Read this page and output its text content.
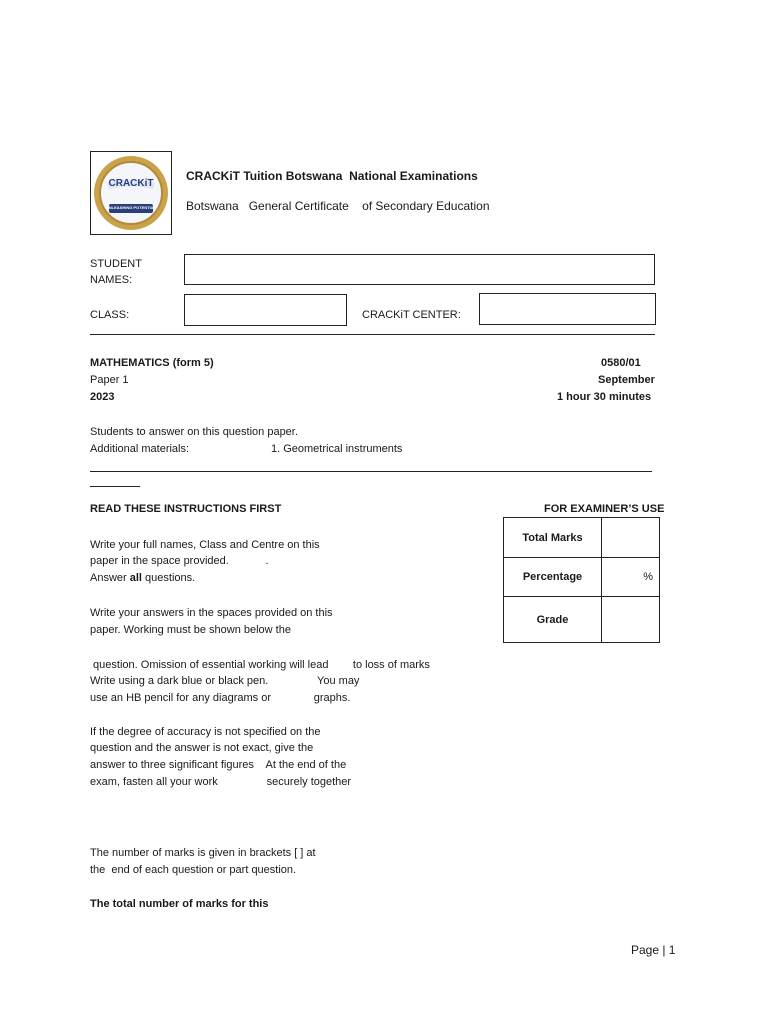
CRACKiT
UNLEASHING POTENTIAL
CRACKiT Tuition Botswana  National Examinations
Botswana   General Certificate    of Secondary Education
STUDENT
NAMES:
CLASS:	CRACKiT CENTER:
MATHEMATICS (form 5)	0580/01
Paper 1	September
2023	1 hour 30 minutes
Students to answer on this question paper.
Additional materials:	1. Geometrical instruments
READ THESE INSTRUCTIONS FIRST
Write your full names, Class and Centre on this
paper in the space provided.            .
Answer all questions.
Write your answers in the spaces provided on this
paper. Working must be shown below the
question. Omission of essential working will lead        to loss of marks
Write using a dark blue or black pen.                You may
use an HB pencil for any diagrams or              graphs.
If the degree of accuracy is not specified on the
question and the answer is not exact, give the
answer to three significant figures    At the end of the
exam, fasten all your work                securely together
The number of marks is given in brackets [ ] at
the  end of each question or part question.
The total number of marks for this
FOR EXAMINER’S USE
Total Marks	
Percentage	%
Grade	
Page | 1
